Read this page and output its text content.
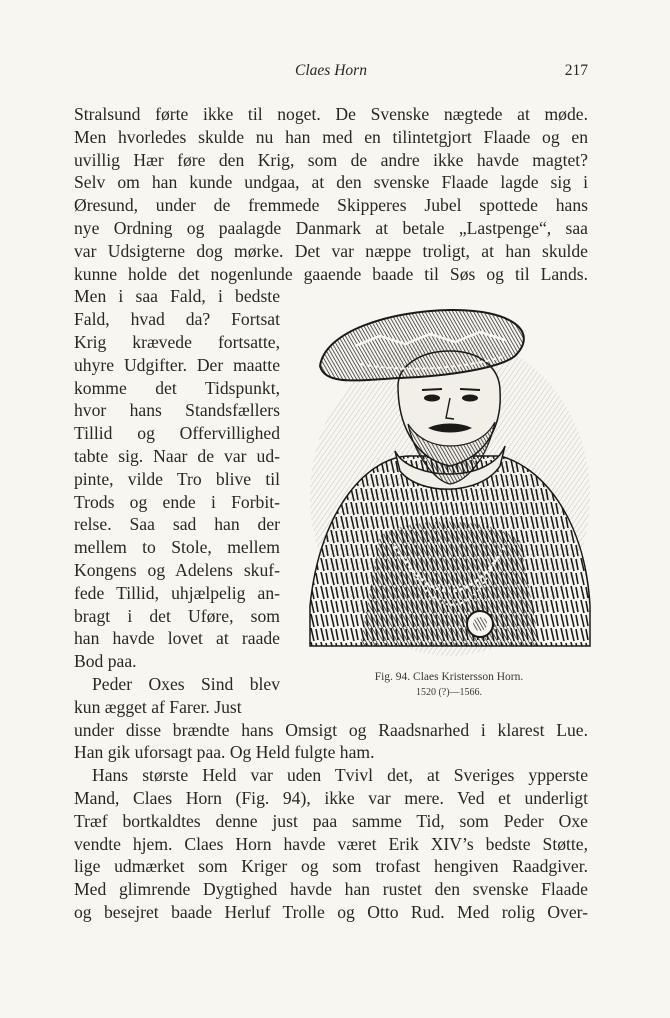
Claes Horn	217
Stralsund førte ikke til noget. De Svenske nægtede at møde.
Men hvorledes skulde nu han med en tilintetgjort Flaade og en
uvillig Hær føre den Krig, som de andre ikke havde magtet?
Selv om han kunde undgaa, at den svenske Flaade lagde sig i
Øresund, under de fremmede Skipperes Jubel spottede hans
nye Ordning og paalagde Danmark at betale „Lastpenge“, saa
var Udsigterne dog mørke. Det var næppe troligt, at han skulde
kunne holde det nogenlunde gaaende baade til Søs og til Lands.
Men i saa Fald, i bedste
Fald, hvad da? Fortsat
Krig krævede fortsatte,
uhyre Udgifter. Der maatte
komme det Tidspunkt,
hvor hans Standsfællers
Tillid og Offervillighed
tabte sig. Naar de var ud-
pinte, vilde Tro blive til
Trods og ende i Forbit-
relse. Saa sad han der
mellem to Stole, mellem
Kongens og Adelens skuf-
fede Tillid, uhjælpelig an-
bragt i det Uføre, som
han havde lovet at raade
Bod paa.
Peder Oxes Sind blev
kun ægget af Farer. Just
under disse brændte hans Omsigt og Raadsnarhed i klarest Lue.
Han gik uforsagt paa. Og Held fulgte ham.
Hans største Held var uden Tvivl det, at Sveriges ypperste
Mand, Claes Horn (Fig. 94), ikke var mere. Ved et underligt
Træf bortkaldtes denne just paa samme Tid, som Peder Oxe
vendte hjem. Claes Horn havde været Erik XIV’s bedste Støtte,
lige udmærket som Kriger og som trofast hengiven Raadgiver.
Med glimrende Dygtighed havde han rustet den svenske Flaade
og besejret baade Herluf Trolle og Otto Rud. Med rolig Over-
Fig. 94. Claes Kristersson Horn.
1520 (?)—1566.
